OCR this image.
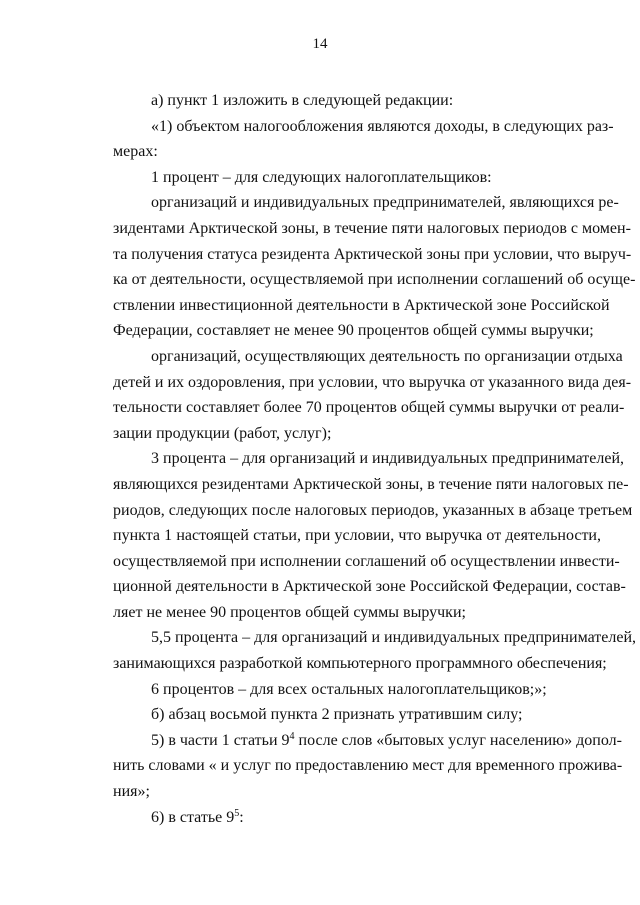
14
а) пункт 1 изложить в следующей редакции:
«1) объектом налогообложения являются доходы, в следующих раз-
мерах:
1 процент – для следующих налогоплательщиков:
организаций и индивидуальных предпринимателей, являющихся ре-
зидентами Арктической зоны, в течение пяти налоговых периодов с момен-
та получения статуса резидента Арктической зоны при условии, что выруч-
ка от деятельности, осуществляемой при исполнении соглашений об осуще-
ствлении инвестиционной деятельности в Арктической зоне Российской
Федерации, составляет не менее 90 процентов общей суммы выручки;
организаций, осуществляющих деятельность по организации отдыха
детей и их оздоровления, при условии, что выручка от указанного вида дея-
тельности составляет более 70 процентов общей суммы выручки от реали-
зации продукции (работ, услуг);
3 процента – для организаций и индивидуальных предпринимателей,
являющихся резидентами Арктической зоны, в течение пяти налоговых пе-
риодов, следующих после налоговых периодов, указанных в абзаце третьем
пункта 1 настоящей статьи, при условии, что выручка от деятельности,
осуществляемой при исполнении соглашений об осуществлении инвести-
ционной деятельности в Арктической зоне Российской Федерации, состав-
ляет не менее 90 процентов общей суммы выручки;
5,5 процента – для организаций и индивидуальных предпринимателей,
занимающихся разработкой компьютерного программного обеспечения;
6 процентов – для всех остальных налогоплательщиков;»;
б) абзац восьмой пункта 2 признать утратившим силу;
5) в части 1 статьи $9^4$ после слов «бытовых услуг населению» допол-
нить словами « и услуг по предоставлению мест для временного прожива-
ния»;
6) в статье $9^5$:
